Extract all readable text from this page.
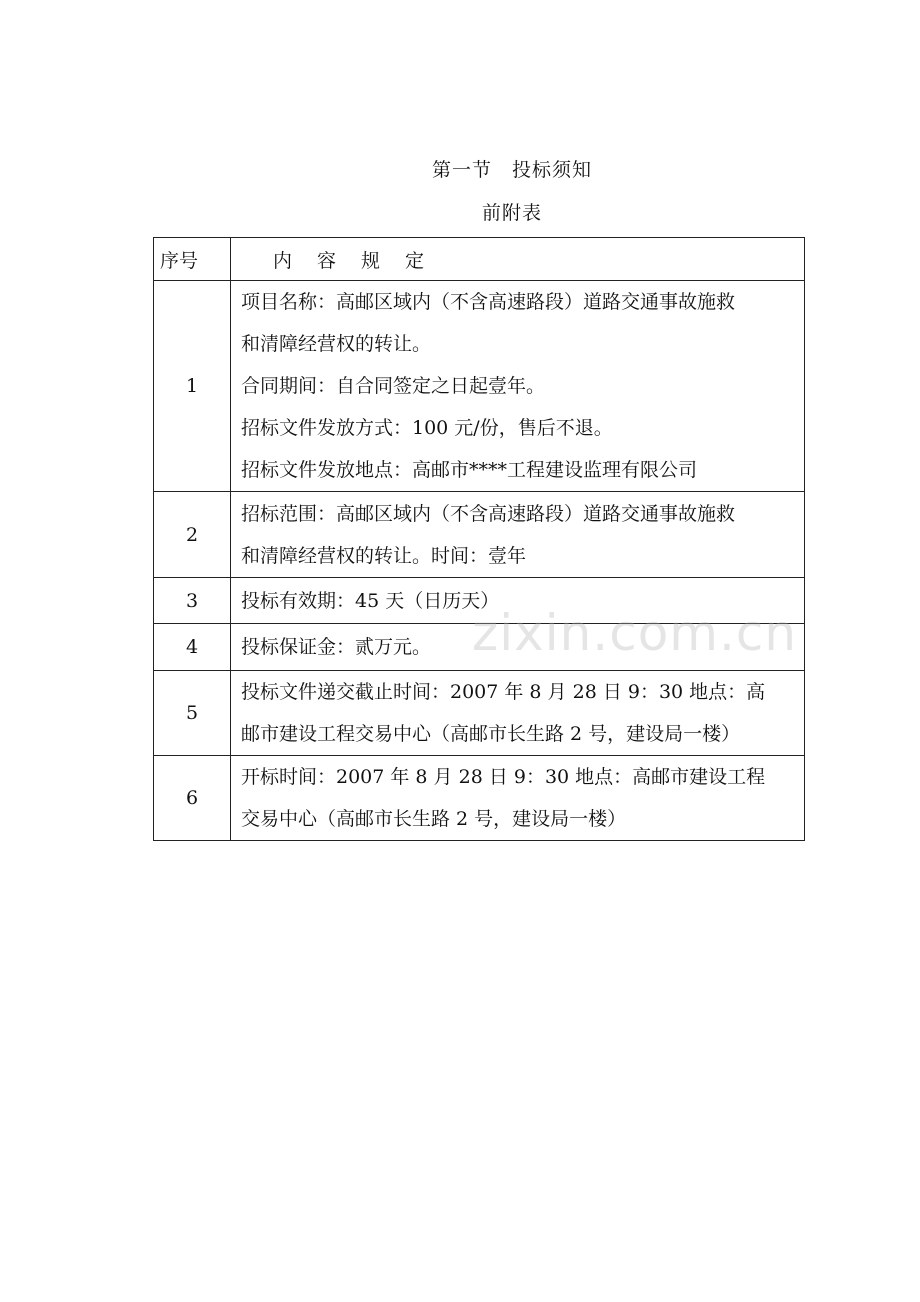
第一节　投标须知
前附表
序号	内容规定
1	项目名称：高邮区域内（不含高速路段）道路交通事故施救
和清障经营权的转让。
合同期间：自合同签定之日起壹年。
招标文件发放方式：100 元/份，售后不退。
招标文件发放地点：高邮市****工程建设监理有限公司

2	招标范围：高邮区域内（不含高速路段）道路交通事故施救
和清障经营权的转让。时间：壹年

3	投标有效期：45 天（日历天）

4	投标保证金：贰万元。

5	投标文件递交截止时间：2007 年 8 月 28 日 9：30 地点：高
邮市建设工程交易中心（高邮市长生路 2 号，建设局一楼）

6	开标时间：2007 年 8 月 28 日 9：30 地点：高邮市建设工程
交易中心（高邮市长生路 2 号，建设局一楼）
zixin.com.cn
